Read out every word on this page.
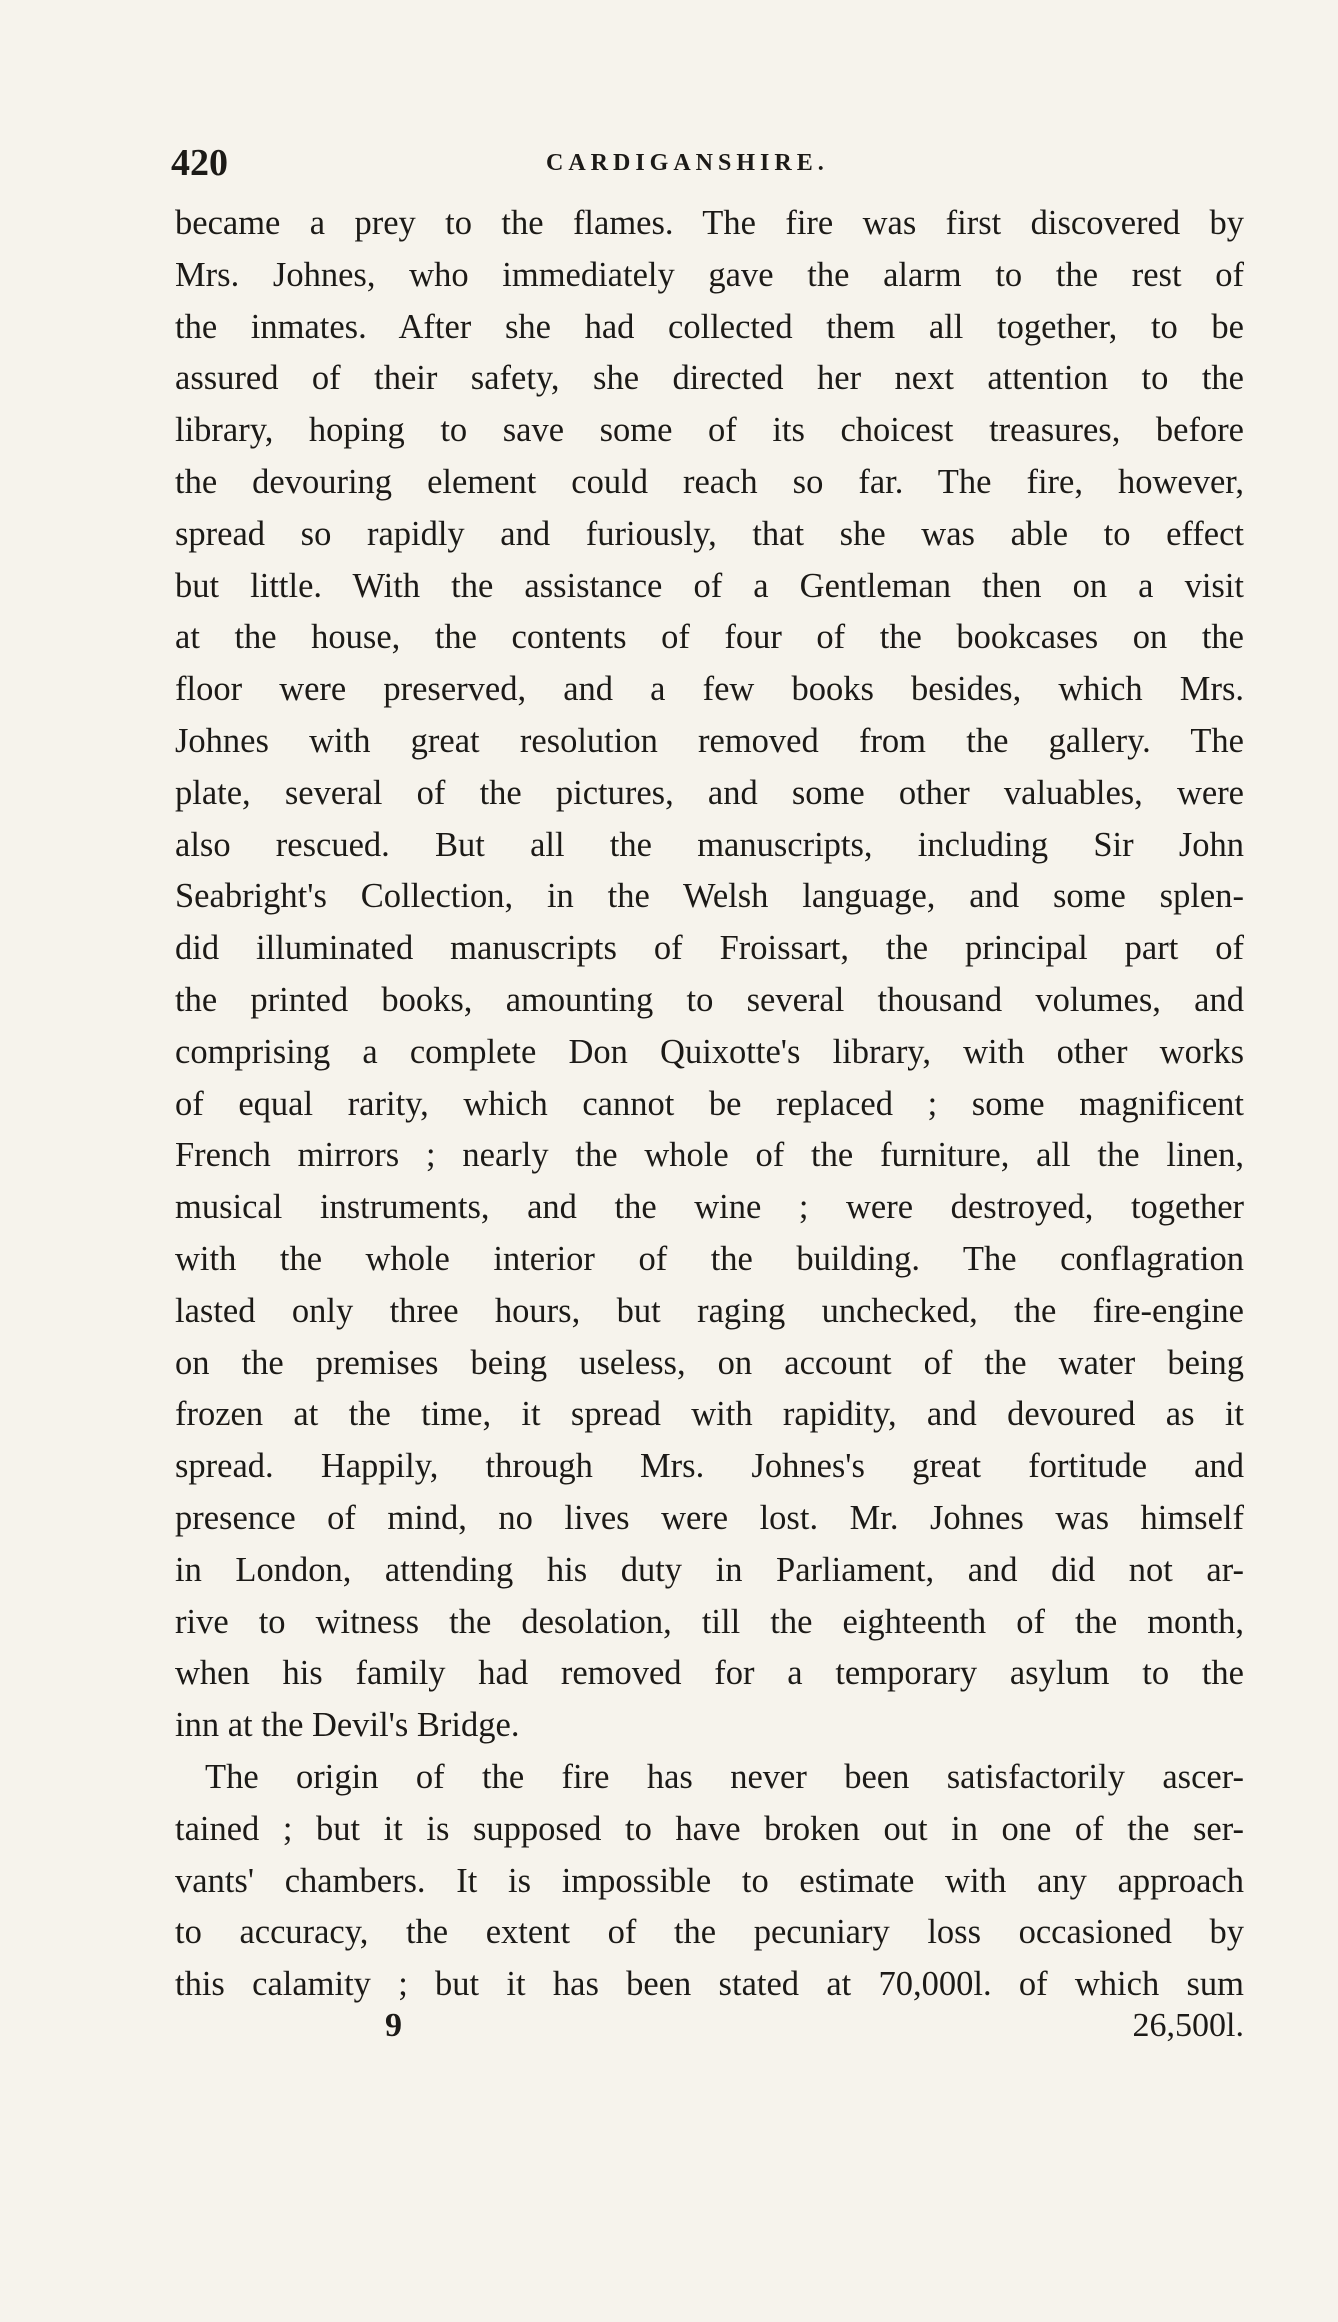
420	CARDIGANSHIRE.
became a prey to the flames. The fire was first discovered by
Mrs. Johnes, who immediately gave the alarm to the rest of
the inmates. After she had collected them all together, to be
assured of their safety, she directed her next attention to the
library, hoping to save some of its choicest treasures, before
the devouring element could reach so far. The fire, however,
spread so rapidly and furiously, that she was able to effect
but little. With the assistance of a Gentleman then on a visit
at the house, the contents of four of the bookcases on the
floor were preserved, and a few books besides, which Mrs.
Johnes with great resolution removed from the gallery. The
plate, several of the pictures, and some other valuables, were
also rescued. But all the manuscripts, including Sir John
Seabright's Collection, in the Welsh language, and some splen-
did illuminated manuscripts of Froissart, the principal part of
the printed books, amounting to several thousand volumes, and
comprising a complete Don Quixotte's library, with other works
of equal rarity, which cannot be replaced ; some magnificent
French mirrors ; nearly the whole of the furniture, all the linen,
musical instruments, and the wine ; were destroyed, together
with the whole interior of the building. The conflagration
lasted only three hours, but raging unchecked, the fire-engine
on the premises being useless, on account of the water being
frozen at the time, it spread with rapidity, and devoured as it
spread. Happily, through Mrs. Johnes's great fortitude and
presence of mind, no lives were lost. Mr. Johnes was himself
in London, attending his duty in Parliament, and did not ar-
rive to witness the desolation, till the eighteenth of the month,
when his family had removed for a temporary asylum to the
inn at the Devil's Bridge.
The origin of the fire has never been satisfactorily ascer-
tained ; but it is supposed to have broken out in one of the ser-
vants' chambers. It is impossible to estimate with any approach
to accuracy, the extent of the pecuniary loss occasioned by
this calamity ; but it has been stated at 70,000l. of which sum
9	26,500l.
